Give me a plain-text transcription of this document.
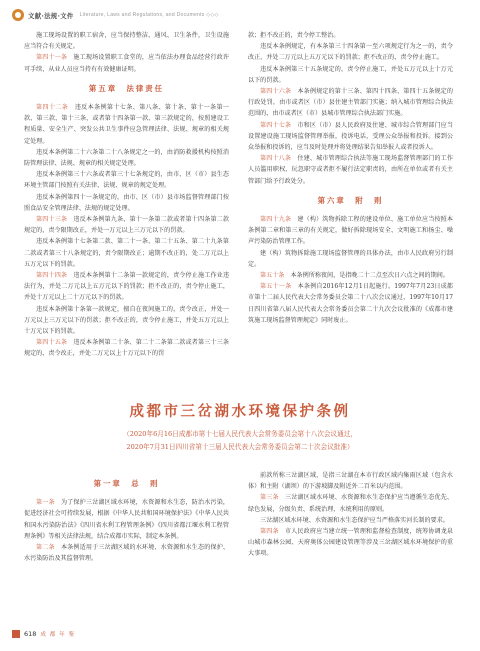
文献·法规·文件 Literature, Laws and Regulations, and Documents ◇◇◇

施工现场设置的职工宿舍，应当保持整洁、通风、卫生条件，卫生设施应当符合有关规定。

第四十一条　 施工现场设置职工食堂的，应当依法办理食品经营行政许可手续，从业人员应当持有有效健康证明。

第五章　法律责任

第四十二条　 违反本条例第十七条、第八条、第十条、第十一条第一款、第三款、第十三条，或者第十四条第一款、第三款规定的，按照建设工程质量、安全生产、突发公共卫生事件应急管理法律、法规、规章的相关规定处理。

违反本条例第二十六条第二十八条规定之一的，由消防救援机构按照消防管理法律、法规、规章的相关规定处理。

违反本条例第三十六条或者第三十七条规定的，由市、区（市）县生态环境主管部门按照有关法律、法规、规章的规定处理。

违反本条例第四十一条规定的，由市、区（市）县市场监督管理部门按照食品安全管理法律、法规的规定处理。

第四十三条　 违反本条例第九条、第十一条第二款或者第十四条第二款规定的，责令限期改正，并处一万元以上三万元以下的罚款。

违反本条例第十七条第二款、第二十一条、第二十五条、第二十九条第二款或者第三十八条规定的，责令限期改正；逾期不改正的，处二万元以上五万元以下的罚款。

第四十四条　 违反本条例第十二条第一款规定的，责令停止施工作业违法行为，并处二万元以上五万元以下的罚款；拒不改正的，责令停止施工，并处十万元以上二十万元以下的罚款。

违反本条例第十条第一款规定，擅自在夜间施工的，责令改正，并处一万元以上三万元以下的罚款；拒不改正的，责令停止施工，并处五万元以上十万元以下的罚款。

第四十五条　 违反本条例第二十条、第二十二条第二款或者第三十三条规定的，责令改正，并处二万元以上十万元以下的罚

款；拒不改正的，责令停工整治。

违反本条例规定，有本条第三十四条第一至六项规定行为之一的，责令改正，并处二万元以上五万元以下的罚款；拒不改正的，责令停止施工。

违反本条例第三十五条规定的，责令停止施工，并处五万元以上十万元以下的罚款。

第四十六条　 本条例规定的第十三条、第四十四条、第四十五条规定的行政处罚，由市或者区（市）县住建主管部门实施；纳入城市管理综合执法范围的，由市或者区（市）县城市管理综合执法部门实施。

第四十七条　 市和区（市）县人民政府及住建、城市综合管理部门应当设置建设施工现场监督管理举报，投诉电话，受理公众举报和投诉。接到公众举报和投诉的，应当及时处理并将处理结果告知举报人或者投诉人。

第四十八条　 住建、城市管理综合执法等施工现场监督管理部门的工作人员滥用职权、玩忽职守或者拒不履行法定职责的，由所在单位或者有关主管部门给予行政处分。

第六章　附　则

第四十九条　 建（构）筑物拆除工程的建设单位、施工单位应当按照本条例第二章和第三章的有关规定，做好拆除现场安全、文明施工和扬尘、噪声污染防治管理工作。

建（构）筑物拆除施工现场监督管理的具体办法，由市人民政府另行制定。

第五十条　 本条例所称夜间，是指晚二十二点至次日六点之间的期间。

第五十一条　 本条例自2016年12月1日起施行。1997年7月23日成都市第十二届人民代表大会常务委员会第二十八次会议通过，1997年10月17日四川省第八届人民代表大会常务委员会第二十九次会议批准的《成都市建筑施工现场监督管理规定》同时废止。

成都市三岔湖水环境保护条例
（2020年6月16日成都市第十七届人民代表大会常务委员会第十八次会议通过，
2020年7月31日四川省第十三届人民代表大会常务委员会第二十次会议批准）
第一章　总　则

第一条　 为了保护三岔湖区域水环境，水资源和水生态，防治水污染，促进经济社会可持续发展，根据《中华人民共和国环境保护法》《中华人民共和国水污染防治法》《四川省水利工程管理条例》《四川省都江堰水利工程管理条例》等相关法律法规，结合成都市实际，制定本条例。

第二条　 本条例适用于三岔湖区域的水环境、水资源和水生态的保护、水污染防治及其监督管理。

前款所称三岔湖区域，是指三岔湖在本市行政区域内集雨区域（包含水体）和主附（湖坝）的下游坡脚及附近外二百米以内范围。

第三条　 三岔湖区域水环境、水资源和水生态保护应当遵循生态优先、绿色发展，分级负责、系统治理、水统利用的原则。

三岔湖区域水环境、水资源和水生态保护应当严格落实河长制的要求。

第四条　 市人民政府应当建立统一管理和监督检查制度，统筹协调龙泉山城市森林公园、天府奥体公园建设管理等涉及三岔湖区域水环境保护的重大事项。

618 成 都 年 鉴
